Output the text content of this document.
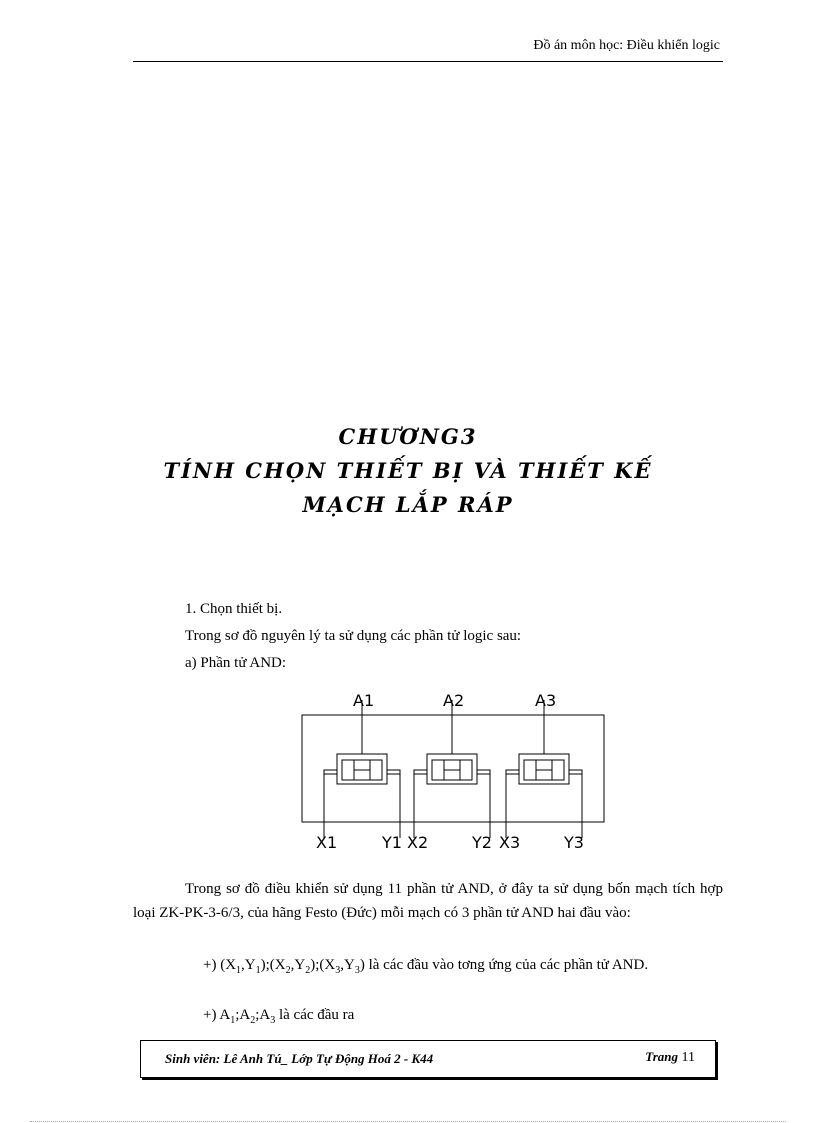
Đồ án môn học: Điều khiển logic
CHƯƠNG3
TÍNH CHỌN THIẾT BỊ VÀ THIẾT KẾ
MẠCH LẮP RÁP

1. Chọn thiết bị.

Trong sơ đồ nguyên lý ta sử dụng các phần tử logic sau:

a) Phần tử AND:

A1	A2	A3
X1	Y1 X2	Y2 X3	Y3

Trong sơ đồ điều khiển sử dụng 11 phần tử AND, ở đây ta sử dụng bốn mạch tích hợp loại ZK-PK-3-6/3, của hãng Festo (Đức) mỗi mạch có 3 phần tử AND hai đầu vào:

+) $(X_1,Y_1);(X_2,Y_2);(X_3,Y_3)$ là các đầu vào tơng ứng của các phần tử AND.

+) $A_1;A_2;A_3$ là các đầu ra

Sinh viên: Lê Anh Tú_ Lớp Tự Động Hoá 2 - K44	Trang 11
